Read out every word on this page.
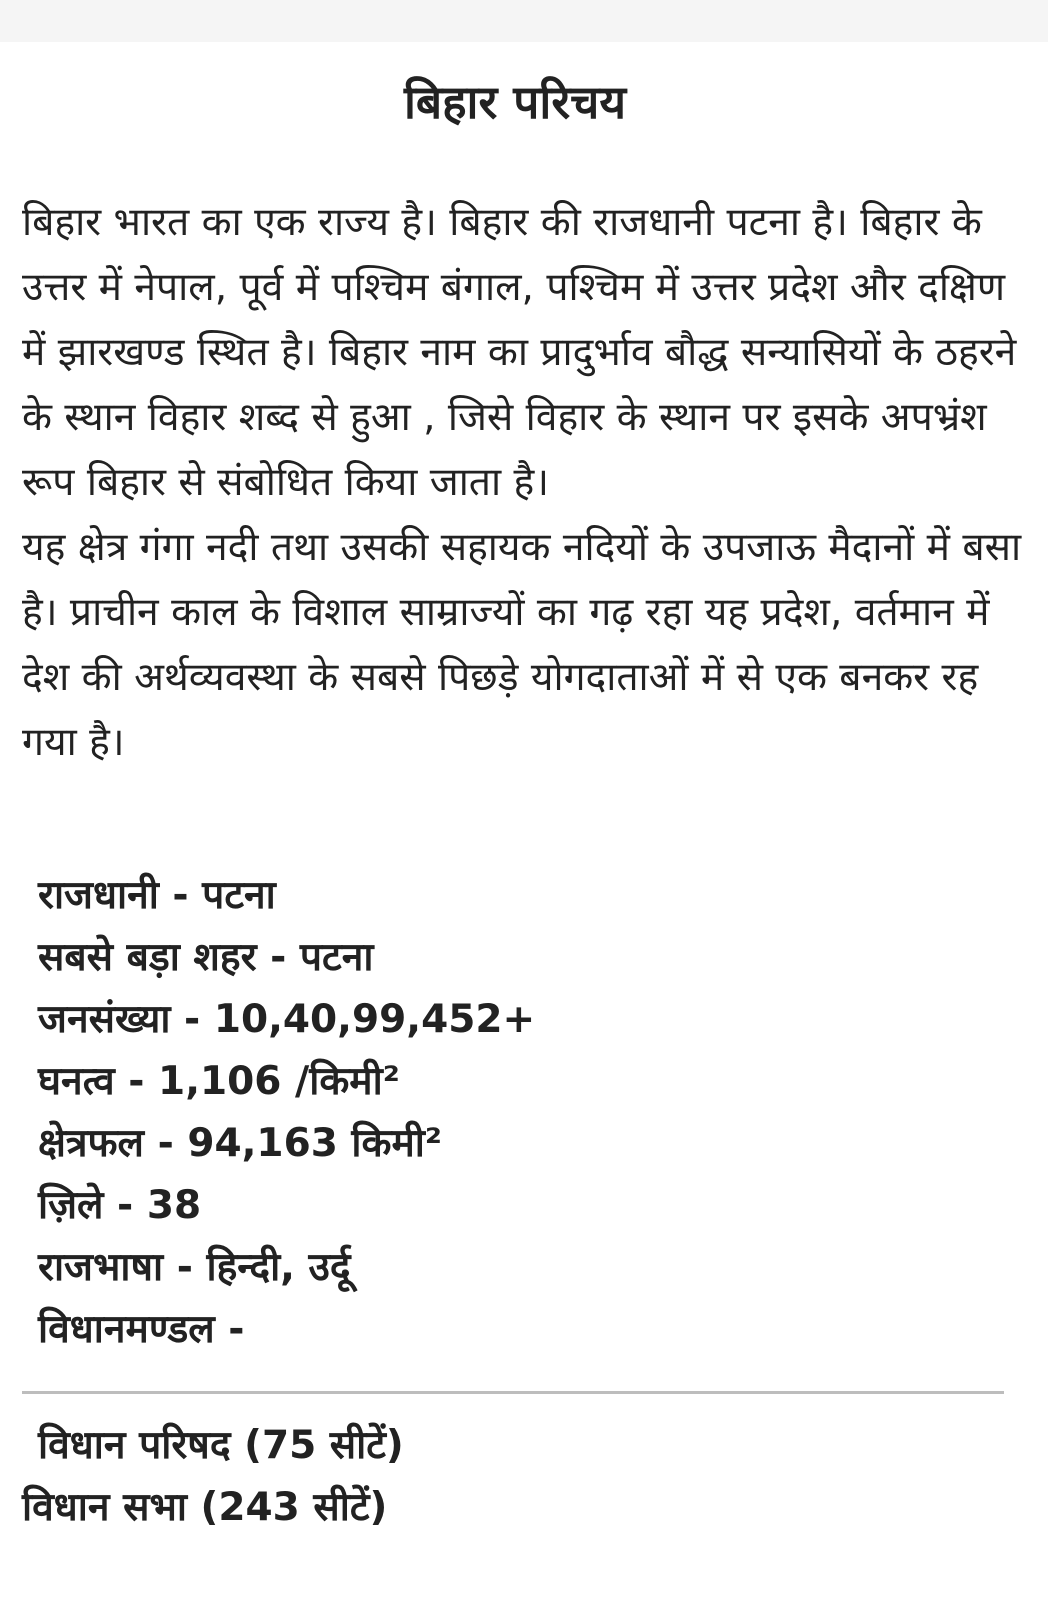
बिहार परिचय

बिहार भारत का एक राज्य है। बिहार की राजधानी पटना है। बिहार के उत्तर में नेपाल, पूर्व में पश्चिम बंगाल, पश्चिम में उत्तर प्रदेश और दक्षिण में झारखण्ड स्थित है। बिहार नाम का प्रादुर्भाव बौद्ध सन्यासियों के ठहरने के स्थान विहार शब्द से हुआ , जिसे विहार के स्थान पर इसके अपभ्रंश रूप बिहार से संबोधित किया जाता है।

यह क्षेत्र गंगा नदी तथा उसकी सहायक नदियों के उपजाऊ मैदानों में बसा है। प्राचीन काल के विशाल साम्राज्यों का गढ़ रहा यह प्रदेश, वर्तमान में देश की अर्थव्यवस्था के सबसे पिछड़े योगदाताओं में से एक बनकर रह गया है।

राजधानी - पटना
सबसे बड़ा शहर - पटना
जनसंख्या - 10,40,99,452+
घनत्व - 1,106 /किमी²
क्षेत्रफल - 94,163 किमी²
ज़िले - 38
राजभाषा - हिन्दी, उर्दू
विधानमण्डल -
विधान परिषद (75 सीटें)
विधान सभा (243 सीटें)
